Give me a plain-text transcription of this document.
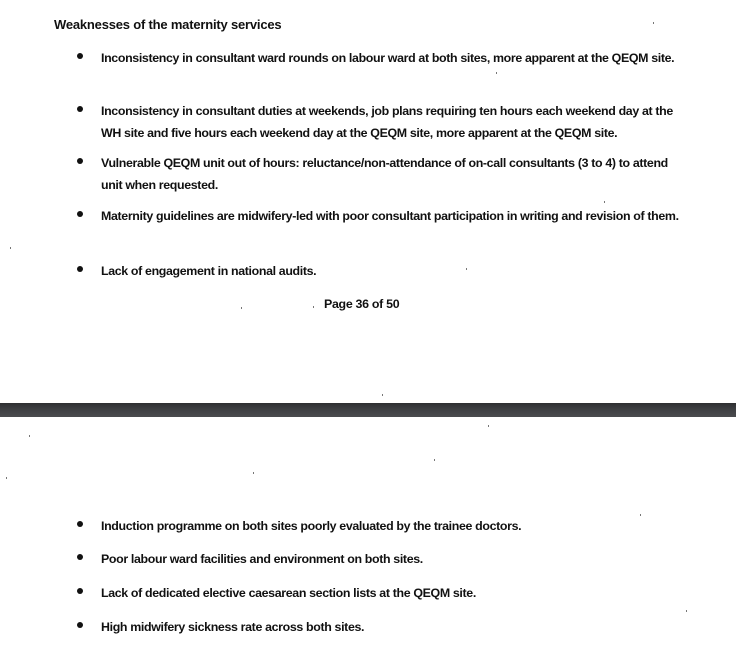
Weaknesses of the maternity services
Inconsistency in consultant ward rounds on labour ward at both sites, more apparent at the QEQM site.
Inconsistency in consultant duties at weekends, job plans requiring ten hours each weekend day at the WH site and five hours each weekend day at the QEQM site, more apparent at the QEQM site.
Vulnerable QEQM unit out of hours: reluctance/non-attendance of on-call consultants (3 to 4) to attend unit when requested.
Maternity guidelines are midwifery-led with poor consultant participation in writing and revision of them.
Lack of engagement in national audits.
Page 36 of 50
Induction programme on both sites poorly evaluated by the trainee doctors.
Poor labour ward facilities and environment on both sites.
Lack of dedicated elective caesarean section lists at the QEQM site.
High midwifery sickness rate across both sites.
